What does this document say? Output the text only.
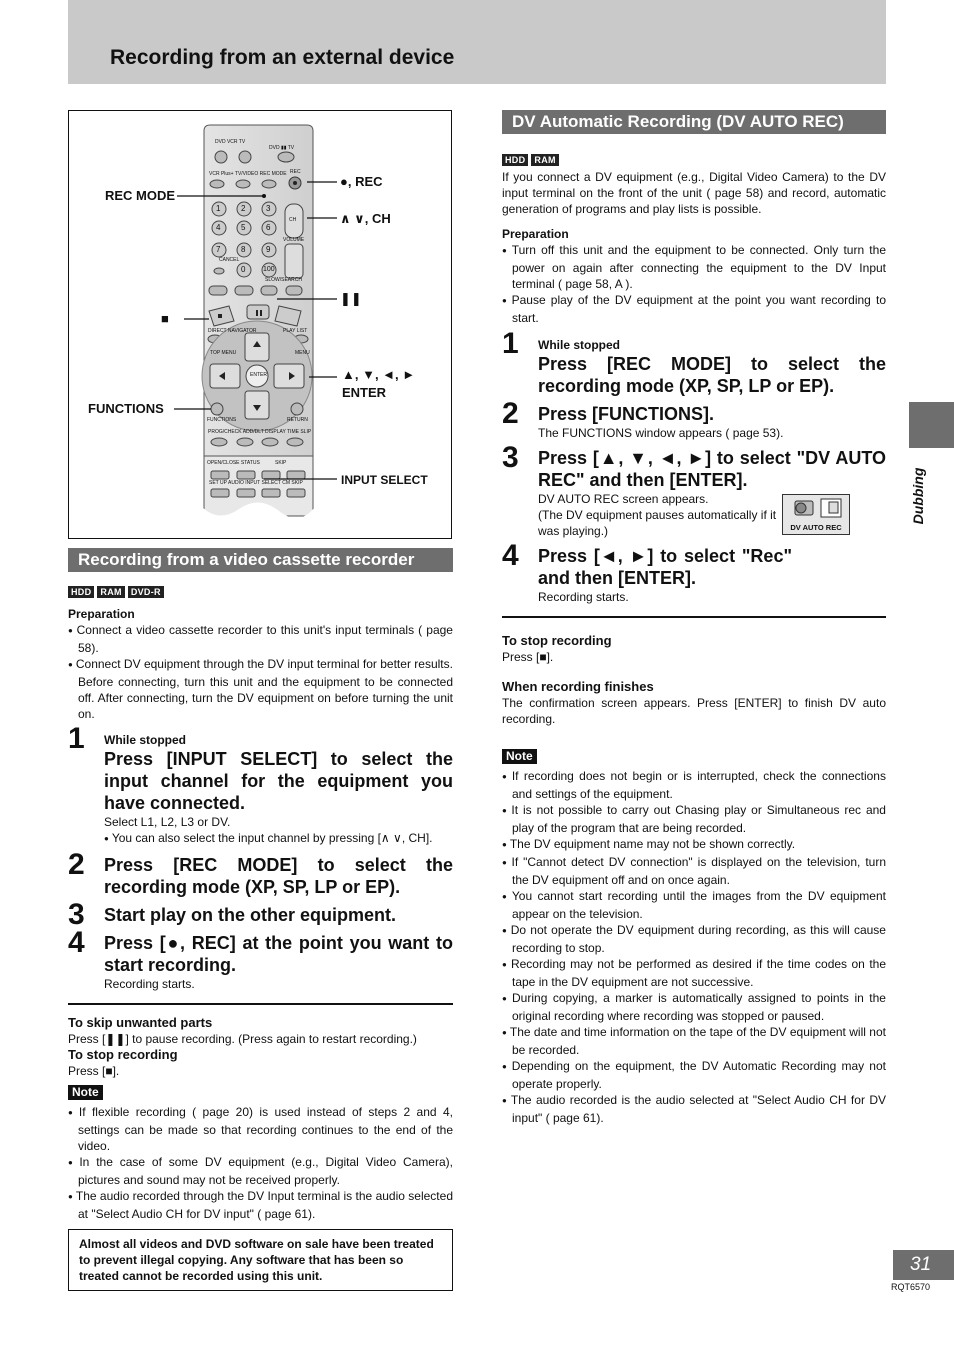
Recording from an external device
DVD VCR TV
DVD ▮▮ TV
VCR Plus+ TV/VIDEO REC MODE REC
CH
VOLUME
CANCEL
SLOW/SEARCH
DIRECT NAVIGATOR	PLAY LIST
TOP MENU	MENU
ENTER
FUNCTIONS	RETURN
PROG/CHECK ADD/DLT DISPLAY TIME SLIP
OPEN/CLOSE STATUS	SKIP
SET UP AUDIO INPUT SELECT CM SKIP
1	2	3
4	5	6
7	8	9
0	100
REC MODE
●, REC
∧ ∨, CH
■
❚❚
▲, ▼, ◄, ►
ENTER
FUNCTIONS
INPUT SELECT
Recording from a video cassette recorder
HDD RAM DVD-R
Preparation
● Connect a video cassette recorder to this unit's input terminals ( page 58).
● Connect DV equipment through the DV input terminal for better results. Before connecting, turn this unit and the equipment to be connected off. After connecting, turn the DV equipment on before turning the unit on.
1 While stopped
Press [INPUT SELECT] to select the input channel for the equipment you have connected.
Select L1, L2, L3 or DV.
● You can also select the input channel by pressing [∧ ∨, CH].
2 Press [REC MODE] to select the recording mode (XP, SP, LP or EP).
3 Start play on the other equipment.
4 Press [●, REC] at the point you want to start recording.
Recording starts.
To skip unwanted parts
Press [❚❚] to pause recording. (Press again to restart recording.)
To stop recording
Press [■].
Note
● If flexible recording ( page 20) is used instead of steps 2 and 4, settings can be made so that recording continues to the end of the video.
● In the case of some DV equipment (e.g., Digital Video Camera), pictures and sound may not be received properly.
● The audio recorded through the DV Input terminal is the audio selected at "Select Audio CH for DV input" ( page 61).
Almost all videos and DVD software on sale have been treated to prevent illegal copying. Any software that has been so treated cannot be recorded using this unit.
DV Automatic Recording (DV AUTO REC)
HDD RAM
If you connect a DV equipment (e.g., Digital Video Camera) to the DV input terminal on the front of the unit ( page 58) and record, automatic generation of programs and play lists is possible.
Preparation
● Turn off this unit and the equipment to be connected. Only turn the power on again after connecting the equipment to the DV Input terminal ( page 58, A ).
● Pause play of the DV equipment at the point you want recording to start.
1 While stopped
Press [REC MODE] to select the recording mode (XP, SP, LP or EP).
2 Press [FUNCTIONS].
The FUNCTIONS window appears ( page 53).
3 Press [▲, ▼, ◄, ►] to select "DV AUTO REC" and then [ENTER].
DV AUTO REC screen appears.
(The DV equipment pauses automatically if it was playing.)	DV AUTO REC
4 Press [◄, ►] to select "Rec" and then [ENTER].
Recording starts.
To stop recording
Press [■].
When recording finishes
The confirmation screen appears. Press [ENTER] to finish DV auto recording.
Note
● If recording does not begin or is interrupted, check the connections and settings of the equipment.
● It is not possible to carry out Chasing play or Simultaneous rec and play of the program that are being recorded.
● The DV equipment name may not be shown correctly.
● If "Cannot detect DV connection" is displayed on the television, turn the DV equipment off and on once again.
● You cannot start recording until the images from the DV equipment appear on the television.
● Do not operate the DV equipment during recording, as this will cause recording to stop.
● Recording may not be performed as desired if the time codes on the tape in the DV equipment are not successive.
● During copying, a marker is automatically assigned to points in the original recording where recording was stopped or paused.
● The date and time information on the tape of the DV equipment will not be recorded.
● Depending on the equipment, the DV Automatic Recording may not operate properly.
● The audio recorded is the audio selected at "Select Audio CH for DV input" ( page 61).
Dubbing
31
RQT6570
